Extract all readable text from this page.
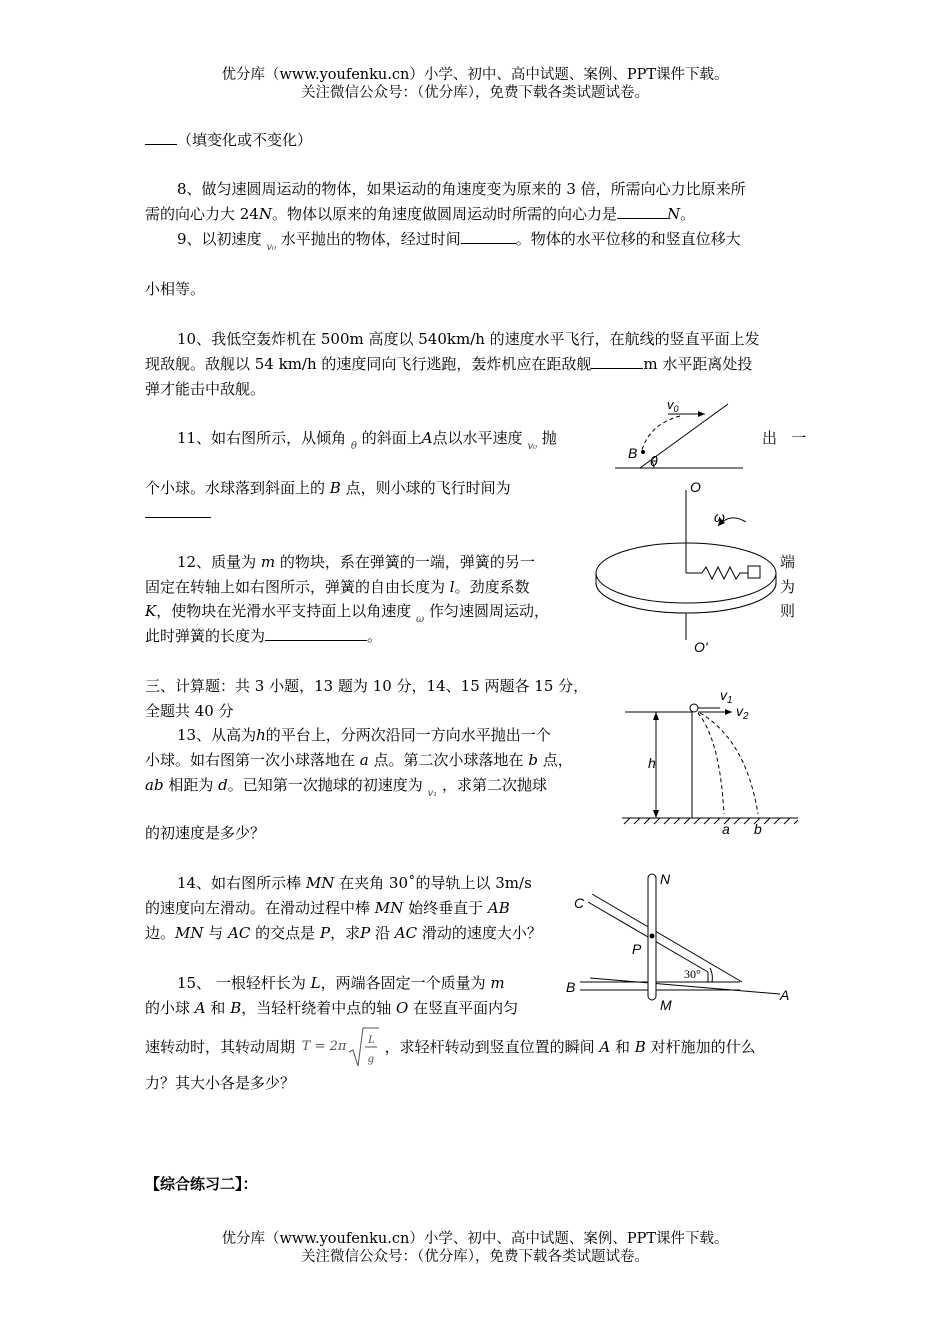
优分库（www.youfenku.cn）小学、初中、高中试题、案例、PPT课件下载。
关注微信公众号：（优分库），免费下载各类试题试卷。
（填变化或不变化）
8、做匀速圆周运动的物体，如果运动的角速度变为原来的 3 倍，所需向心力比原来所
需的向心力大 24N。物体以原来的角速度做圆周运动时所需的向心力是	N。
9、以初速度 $_{v_0}$ 水平抛出的物体，经过时间	。物体的水平位移的和竖直位移大
小相等。
10、我低空轰炸机在 500m 高度以 540km/h 的速度水平飞行，在航线的竖直平面上发
现敌舰。敌舰以 54 km/h 的速度同向飞行逃跑，轰炸机应在距敌舰	m 水平距离处投
弹才能击中敌舰。
11、如右图所示，从倾角 $_\theta$ 的斜面上A点以水平速度 $_{v_0}$ 抛	出 一
个小球。水球落到斜面上的 B 点，则小球的飞行时间为
12、质量为 m 的物块，系在弹簧的一端，弹簧的另一	端
固定在转轴上如右图所示，弹簧的自由长度为 l。劲度系数	为
K，使物块在光滑水平支持面上以角速度 $_\omega$ 作匀速圆周运动，	则
此时弹簧的长度为	。
三、计算题：共 3 小题，13 题为 10 分，14、15 两题各 15 分，
全题共 40 分
13、从高为h的平台上，分两次沿同一方向水平抛出一个
小球。如右图第一次小球落地在 a 点。第二次小球落地在 b 点，
ab 相距为 d。已知第一次抛球的初速度为 $_{v_1}$ ，求第二次抛球
的初速度是多少？
14、如右图所示棒 MN 在夹角 30˚的导轨上以 3m/s
的速度向左滑动。在滑动过程中棒 MN 始终垂直于 AB
边。MN 与 AC 的交点是 P，求P 沿 AC 滑动的速度大小？
15、 一根轻杆长为 L，两端各固定一个质量为 m
的小球 A 和 B，当轻杆绕着中点的轴 O 在竖直平面内匀
速转动时，其转动周期 T = 2π L
g
，求轻杆转动到竖直位置的瞬间 A 和 B 对杆施加的什么
力？其大小各是多少？
【综合练习二】：
优分库（www.youfenku.cn）小学、初中、高中试题、案例、PPT课件下载。
关注微信公众号：（优分库），免费下载各类试题试卷。
$v_0$
B θ
O
O'
ω
$v_1$
$v_2$
h
a b
N
C
P
30°
B
M
A
